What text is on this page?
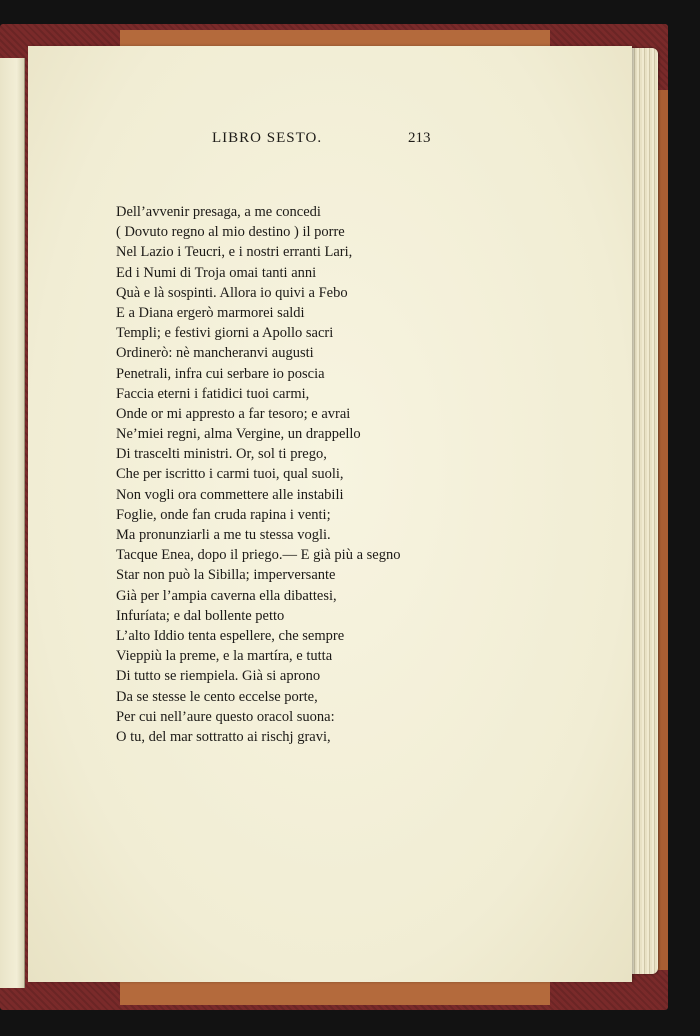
LIBRO SESTO.	213
Dell’avvenir presaga, a me concedi
( Dovuto regno al mio destino ) il porre
Nel Lazio i Teucri, e i nostri erranti Lari,
Ed i Numi di Troja omai tanti anni
Quà e là sospinti. Allora io quivi a Febo
E a Diana ergerò marmorei saldi
Templi; e festivi giorni a Apollo sacri
Ordinerò: nè mancheranvi augusti
Penetrali, infra cui serbare io poscia
Faccia eterni i fatidici tuoi carmi,
Onde or mi appresto a far tesoro; e avrai
Ne’miei regni, alma Vergine, un drappello
Di trascelti ministri. Or, sol ti prego,
Che per iscritto i carmi tuoi, qual suoli,
Non vogli ora commettere alle instabili
Foglie, onde fan cruda rapina i venti;
Ma pronunziarli a me tu stessa vogli.
Tacque Enea, dopo il priego.— E già più a segno
Star non può la Sibilla; imperversante
Già per l’ampia caverna ella dibattesi,
Infuríata; e dal bollente petto
L’alto Iddio tenta espellere, che sempre
Vieppiù la preme, e la martíra, e tutta
Di tutto se riempiela. Già si aprono
Da se stesse le cento eccelse porte,
Per cui nell’aure questo oracol suona:
O tu, del mar sottratto ai rischj gravi,
